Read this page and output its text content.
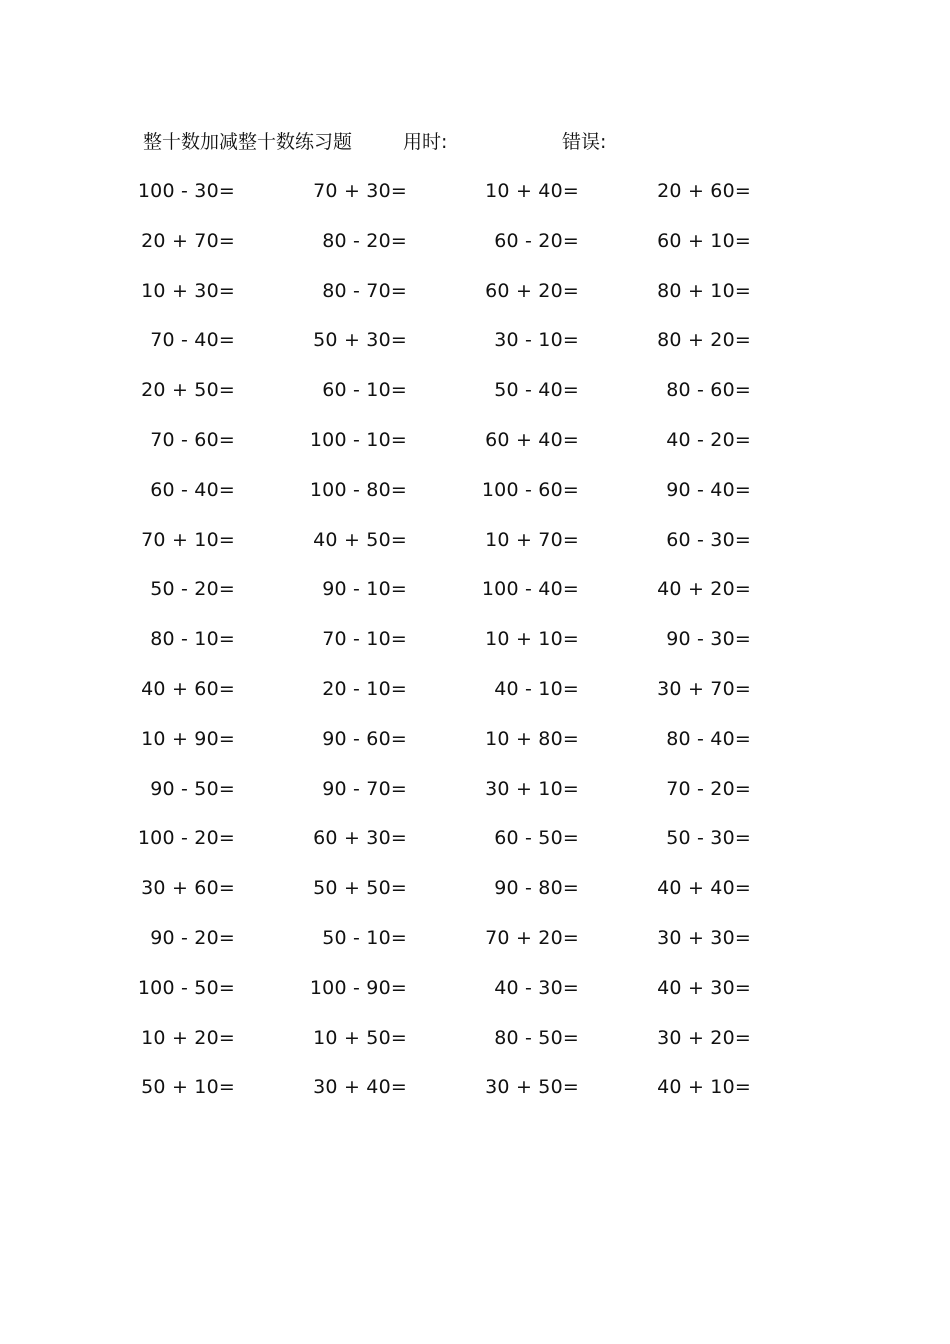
整十数加减整十数练习题	用时:	错误:
100 - 30=	70 + 30=	10 + 40=	20 + 60=
20 + 70=	80 - 20=	60 - 20=	60 + 10=
10 + 30=	80 - 70=	60 + 20=	80 + 10=
70 - 40=	50 + 30=	30 - 10=	80 + 20=
20 + 50=	60 - 10=	50 - 40=	80 - 60=
70 - 60=	100 - 10=	60 + 40=	40 - 20=
60 - 40=	100 - 80=	100 - 60=	90 - 40=
70 + 10=	40 + 50=	10 + 70=	60 - 30=
50 - 20=	90 - 10=	100 - 40=	40 + 20=
80 - 10=	70 - 10=	10 + 10=	90 - 30=
40 + 60=	20 - 10=	40 - 10=	30 + 70=
10 + 90=	90 - 60=	10 + 80=	80 - 40=
90 - 50=	90 - 70=	30 + 10=	70 - 20=
100 - 20=	60 + 30=	60 - 50=	50 - 30=
30 + 60=	50 + 50=	90 - 80=	40 + 40=
90 - 20=	50 - 10=	70 + 20=	30 + 30=
100 - 50=	100 - 90=	40 - 30=	40 + 30=
10 + 20=	10 + 50=	80 - 50=	30 + 20=
50 + 10=	30 + 40=	30 + 50=	40 + 10=
